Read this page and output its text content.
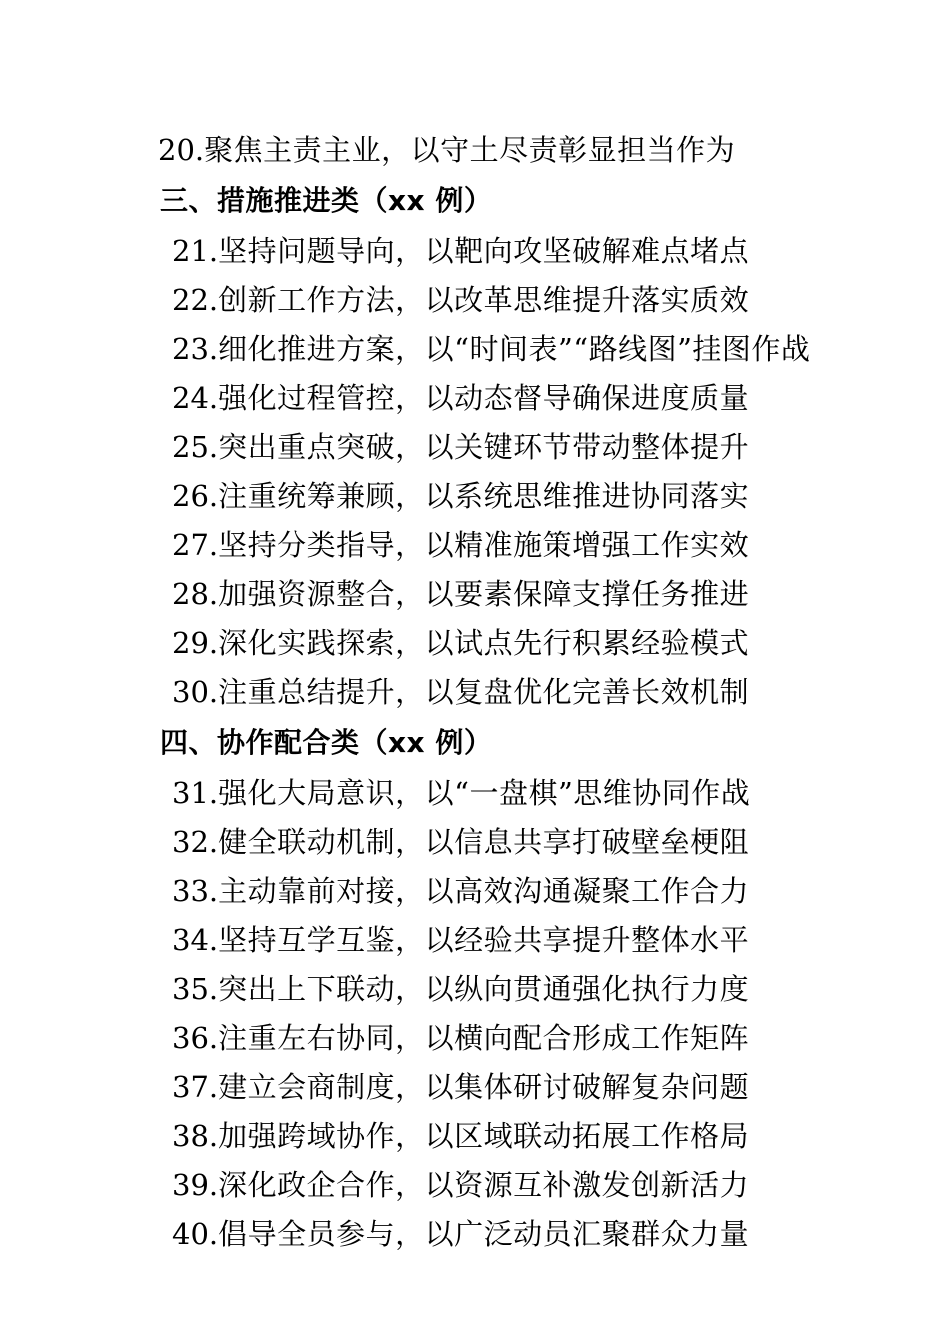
20.聚焦主责主业，以守土尽责彰显担当作为
三、措施推进类（xx 例）
21.坚持问题导向，以靶向攻坚破解难点堵点
22.创新工作方法，以改革思维提升落实质效
23.细化推进方案，以“时间表”“路线图”挂图作战
24.强化过程管控，以动态督导确保进度质量
25.突出重点突破，以关键环节带动整体提升
26.注重统筹兼顾，以系统思维推进协同落实
27.坚持分类指导，以精准施策增强工作实效
28.加强资源整合，以要素保障支撑任务推进
29.深化实践探索，以试点先行积累经验模式
30.注重总结提升，以复盘优化完善长效机制
四、协作配合类（xx 例）
31.强化大局意识，以“一盘棋”思维协同作战
32.健全联动机制，以信息共享打破壁垒梗阻
33.主动靠前对接，以高效沟通凝聚工作合力
34.坚持互学互鉴，以经验共享提升整体水平
35.突出上下联动，以纵向贯通强化执行力度
36.注重左右协同，以横向配合形成工作矩阵
37.建立会商制度，以集体研讨破解复杂问题
38.加强跨域协作，以区域联动拓展工作格局
39.深化政企合作，以资源互补激发创新活力
40.倡导全员参与，以广泛动员汇聚群众力量
